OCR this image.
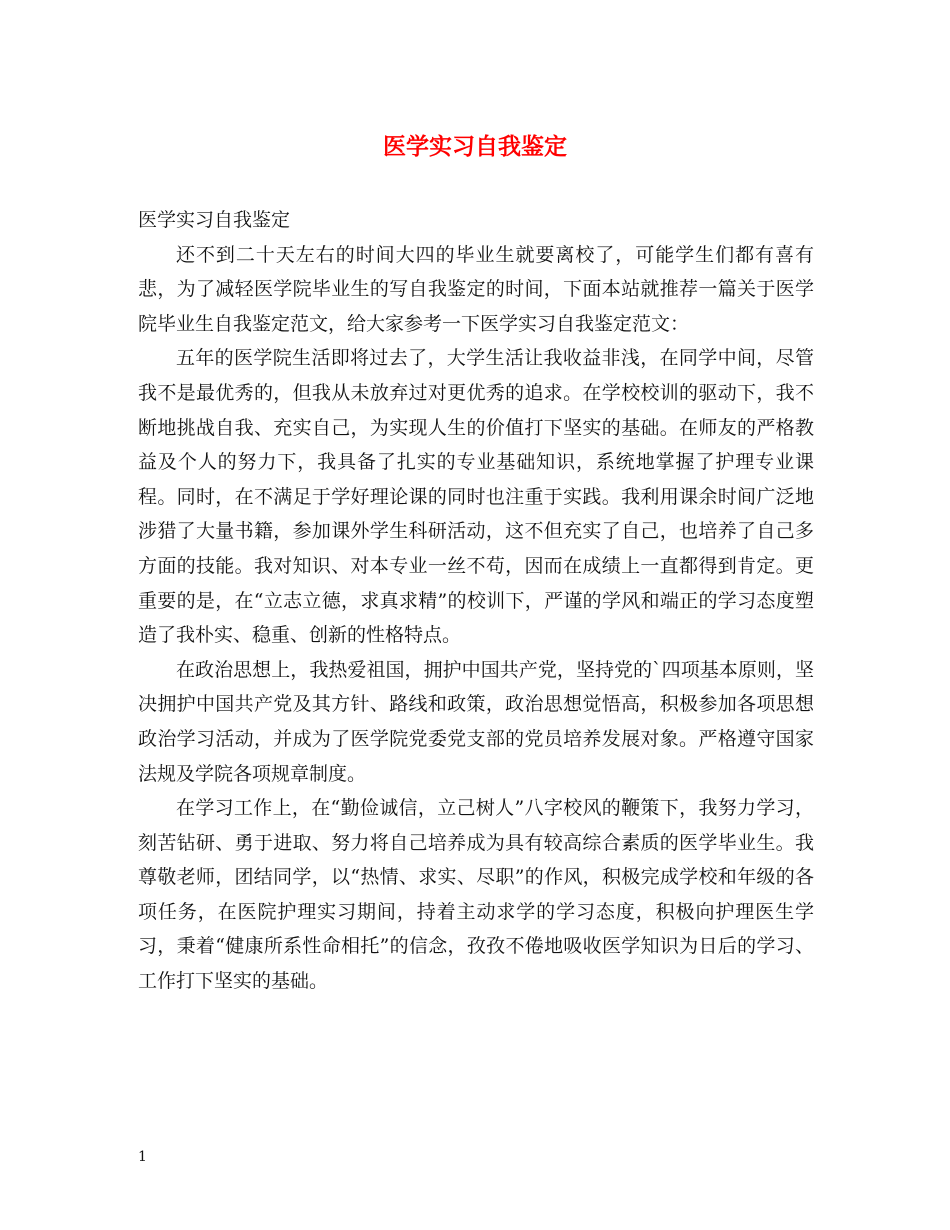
医学实习自我鉴定

医学实习自我鉴定

还不到二十天左右的时间大四的毕业生就要离校了，可能学生们都有喜有悲，为了减轻医学院毕业生的写自我鉴定的时间，下面本站就推荐一篇关于医学院毕业生自我鉴定范文，给大家参考一下医学实习自我鉴定范文：

五年的医学院生活即将过去了，大学生活让我收益非浅，在同学中间，尽管我不是最优秀的，但我从未放弃过对更优秀的追求。在学校校训的驱动下，我不断地挑战自我、充实自己，为实现人生的价值打下坚实的基础。在师友的严格教益及个人的努力下，我具备了扎实的专业基础知识，系统地掌握了护理专业课程。同时，在不满足于学好理论课的同时也注重于实践。我利用课余时间广泛地涉猎了大量书籍，参加课外学生科研活动，这不但充实了自己，也培养了自己多方面的技能。我对知识、对本专业一丝不苟，因而在成绩上一直都得到肯定。更重要的是，在“立志立德，求真求精”的校训下，严谨的学风和端正的学习态度塑造了我朴实、稳重、创新的性格特点。

在政治思想上，我热爱祖国，拥护中国共产党，坚持党的`四项基本原则，坚决拥护中国共产党及其方针、路线和政策，政治思想觉悟高，积极参加各项思想政治学习活动，并成为了医学院党委党支部的党员培养发展对象。严格遵守国家法规及学院各项规章制度。

在学习工作上，在“勤俭诚信，立己树人”八字校风的鞭策下，我努力学习，刻苦钻研、勇于进取、努力将自己培养成为具有较高综合素质的医学毕业生。我尊敬老师，团结同学，以“热情、求实、尽职”的作风，积极完成学校和年级的各项任务，在医院护理实习期间，持着主动求学的学习态度，积极向护理医生学习，秉着“健康所系性命相托”的信念，孜孜不倦地吸收医学知识为日后的学习、工作打下坚实的基础。

1
